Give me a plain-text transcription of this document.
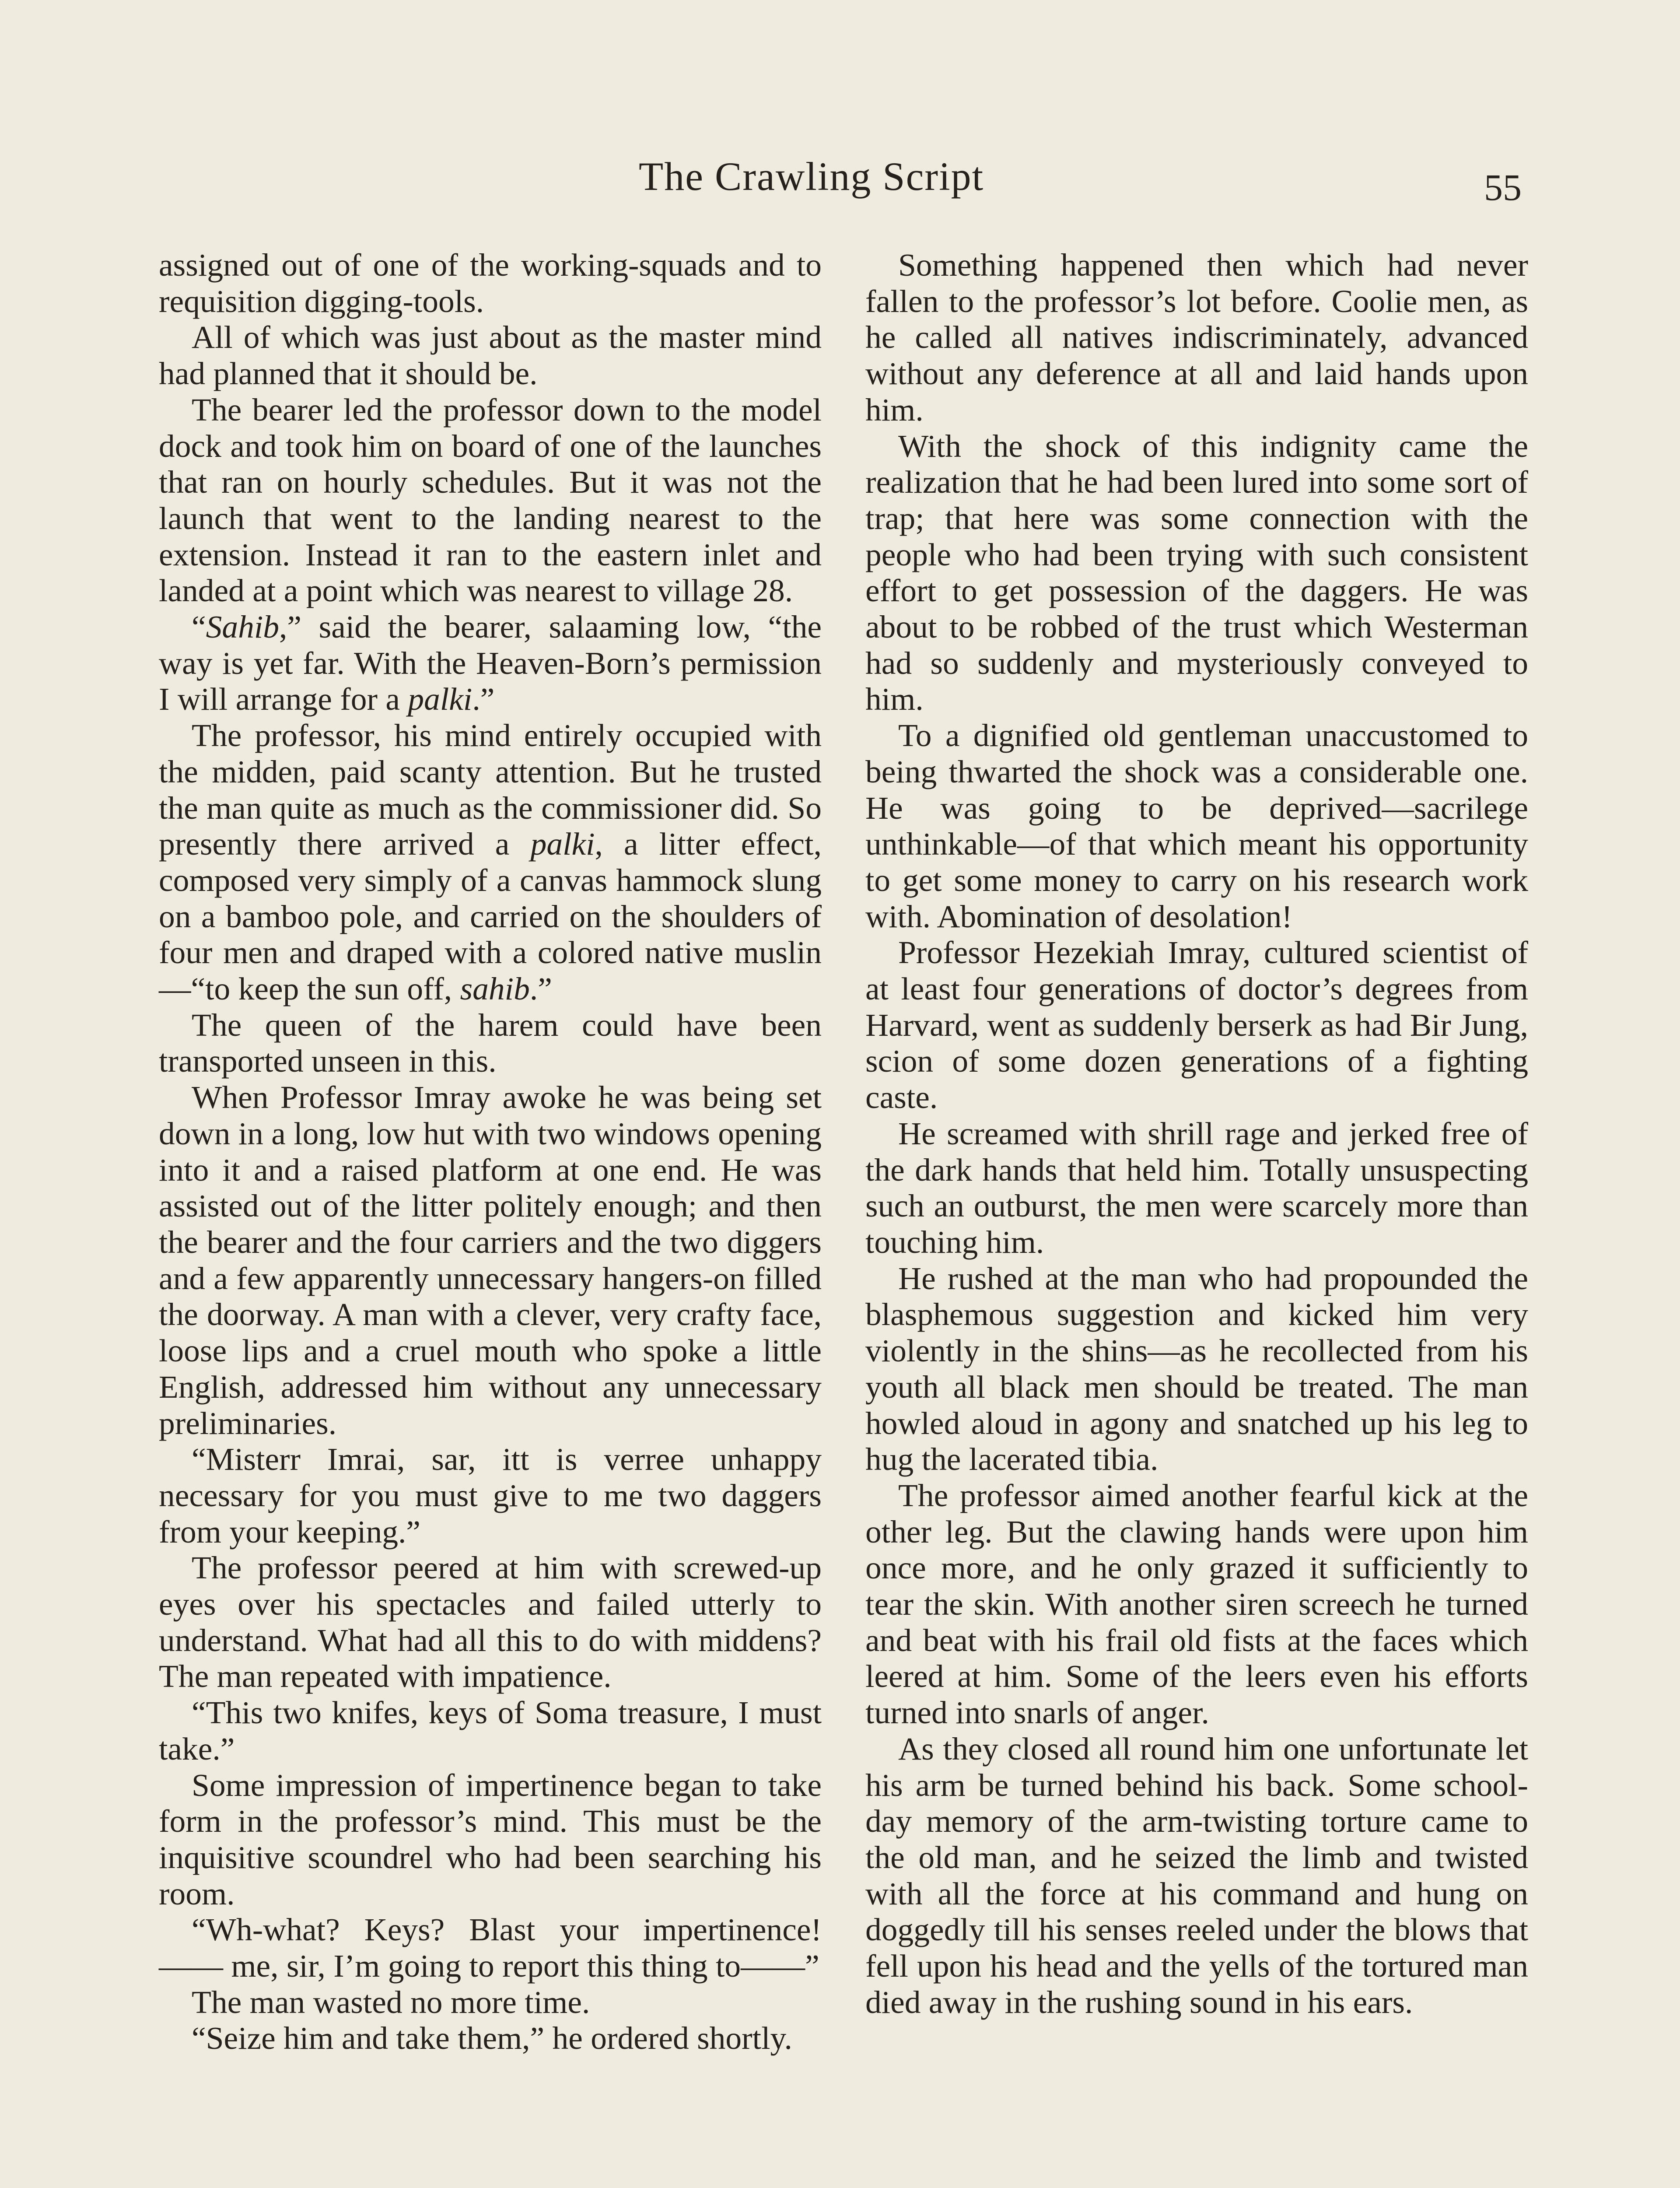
The Crawling Script	55

assigned out of one of the working-squads and to requisition digging-tools.

All of which was just about as the master mind had planned that it should be.

The bearer led the professor down to the model dock and took him on board of one of the launches that ran on hourly schedules. But it was not the launch that went to the landing nearest to the extension. Instead it ran to the eastern inlet and landed at a point which was nearest to village 28.

“Sahib,” said the bearer, salaaming low, “the way is yet far. With the Heaven-Born’s permission I will arrange for a palki.”

The professor, his mind entirely occupied with the midden, paid scanty attention. But he trusted the man quite as much as the commissioner did. So presently there arrived a palki, a litter effect, composed very simply of a canvas hammock slung on a bamboo pole, and carried on the shoulders of four men and draped with a colored native muslin—“to keep the sun off, sahib.”

The queen of the harem could have been transported unseen in this.

When Professor Imray awoke he was being set down in a long, low hut with two windows opening into it and a raised platform at one end. He was assisted out of the litter politely enough; and then the bearer and the four carriers and the two diggers and a few apparently unnecessary hangers-on filled the doorway. A man with a clever, very crafty face, loose lips and a cruel mouth who spoke a little English, addressed him without any unnecessary preliminaries.

“Misterr Imrai, sar, itt is verree unhappy necessary for you must give to me two daggers from your keeping.”

The professor peered at him with screwed-up eyes over his spectacles and failed utterly to understand. What had all this to do with middens? The man repeated with impatience.

“This two knifes, keys of Soma treasure, I must take.”

Some impression of impertinence began to take form in the professor’s mind. This must be the inquisitive scoundrel who had been searching his room.

“Wh-what? Keys? Blast your impertinence! —— me, sir, I’m going to report this thing to——”

The man wasted no more time.

“Seize him and take them,” he ordered shortly.

Something happened then which had never fallen to the professor’s lot before. Coolie men, as he called all natives indiscriminately, advanced without any deference at all and laid hands upon him.

With the shock of this indignity came the realization that he had been lured into some sort of trap; that here was some connection with the people who had been trying with such consistent effort to get possession of the daggers. He was about to be robbed of the trust which Westerman had so suddenly and mysteriously conveyed to him.

To a dignified old gentleman unaccustomed to being thwarted the shock was a considerable one. He was going to be deprived—sacrilege unthinkable—of that which meant his opportunity to get some money to carry on his research work with. Abomination of desolation!

Professor Hezekiah Imray, cultured scientist of at least four generations of doctor’s degrees from Harvard, went as suddenly berserk as had Bir Jung, scion of some dozen generations of a fighting caste.

He screamed with shrill rage and jerked free of the dark hands that held him. Totally unsuspecting such an outburst, the men were scarcely more than touching him.

He rushed at the man who had propounded the blasphemous suggestion and kicked him very violently in the shins—as he recollected from his youth all black men should be treated. The man howled aloud in agony and snatched up his leg to hug the lacerated tibia.

The professor aimed another fearful kick at the other leg. But the clawing hands were upon him once more, and he only grazed it sufficiently to tear the skin. With another siren screech he turned and beat with his frail old fists at the faces which leered at him. Some of the leers even his efforts turned into snarls of anger.

As they closed all round him one unfortunate let his arm be turned behind his back. Some school-day memory of the arm-twisting torture came to the old man, and he seized the limb and twisted with all the force at his command and hung on doggedly till his senses reeled under the blows that fell upon his head and the yells of the tortured man died away in the rushing sound in his ears.
